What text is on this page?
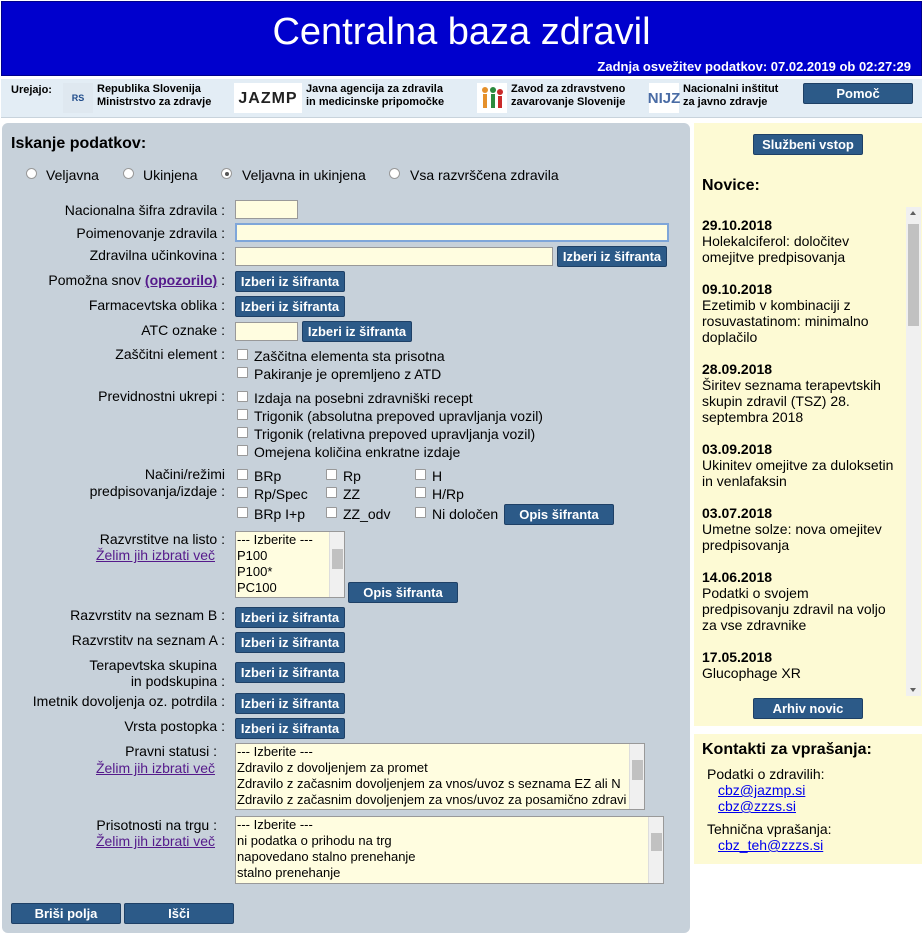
Centralna baza zdravil
Zadnja osvežitev podatkov: 07.02.2019 ob 02:27:29
Urejajo:
RS
Republika Slovenija
Ministrstvo za zdravje JAZMP
Javna agencija za zdravila
in medicinske pripomočke
Zavod za zdravstveno
zavarovanje Slovenije NIJZ
Nacionalni inštitut
za javno zdravje
Pomoč
Iskanje podatkov:
Veljavna	Ukinjena	Veljavna in ukinjena	Vsa razvrščena zdravila
Nacionalna šifra zdravila :
Poimenovanje zdravila :
Zdravilna učinkovina :	Izberi iz šifranta
Pomožna snov (opozorilo) :	Izberi iz šifranta
Farmacevtska oblika :	Izberi iz šifranta
ATC oznake :	Izberi iz šifranta
Zaščitni element : Zaščitna elementa sta prisotna
Pakiranje je opremljeno z ATD
Previdnostni ukrepi : Izdaja na posebni zdravniški recept
Trigonik (absolutna prepoved upravljanja vozil)
Trigonik (relativna prepoved upravljanja vozil)
Omejena količina enkratne izdaje
Načini/režimi
predpisovanja/izdaje :
BRp	Rp	H
Rp/Spec	ZZ	H/Rp
BRp I+p	ZZ_odv	Ni določen	Opis šifranta
Razvrstitve na listo :
Želim jih izbrati več
--- Izberite ---
P100
P100*
PC100	Opis šifranta
Razvrstitv na seznam B :	Izberi iz šifranta
Razvrstitv na seznam A :	Izberi iz šifranta
Terapevtska skupina
in podskupina :
Izberi iz šifranta
Imetnik dovoljenja oz. potrdila :	Izberi iz šifranta
Vrsta postopka :	Izberi iz šifranta
Pravni statusi :
Želim jih izbrati več
--- Izberite ---
Zdravilo z dovoljenjem za promet
Zdravilo z začasnim dovoljenjem za vnos/uvoz s seznama EZ ali N
Zdravilo z začasnim dovoljenjem za vnos/uvoz za posamično zdravi
Prisotnosti na trgu :
Želim jih izbrati več
--- Izberite ---
ni podatka o prihodu na trg
napovedano stalno prenehanje
stalno prenehanje
Briši polja	Išči
Službeni vstop
Novice:
29.10.2018
Holekalciferol: določitev omejitve predpisovanja
09.10.2018
Ezetimib v kombinaciji z rosuvastatinom: minimalno doplačilo
28.09.2018
Širitev seznama terapevtskih skupin zdravil (TSZ) 28. septembra 2018
03.09.2018
Ukinitev omejitve za duloksetin in venlafaksin
03.07.2018
Umetne solze: nova omejitev predpisovanja
14.06.2018
Podatki o svojem predpisovanju zdravil na voljo za vse zdravnike
17.05.2018
Glucophage XR
Arhiv novic
Kontakti za vprašanja:
Podatki o zdravilih:
cbz@jazmp.si
cbz@zzzs.si
Tehnična vprašanja:
cbz_teh@zzzs.si
